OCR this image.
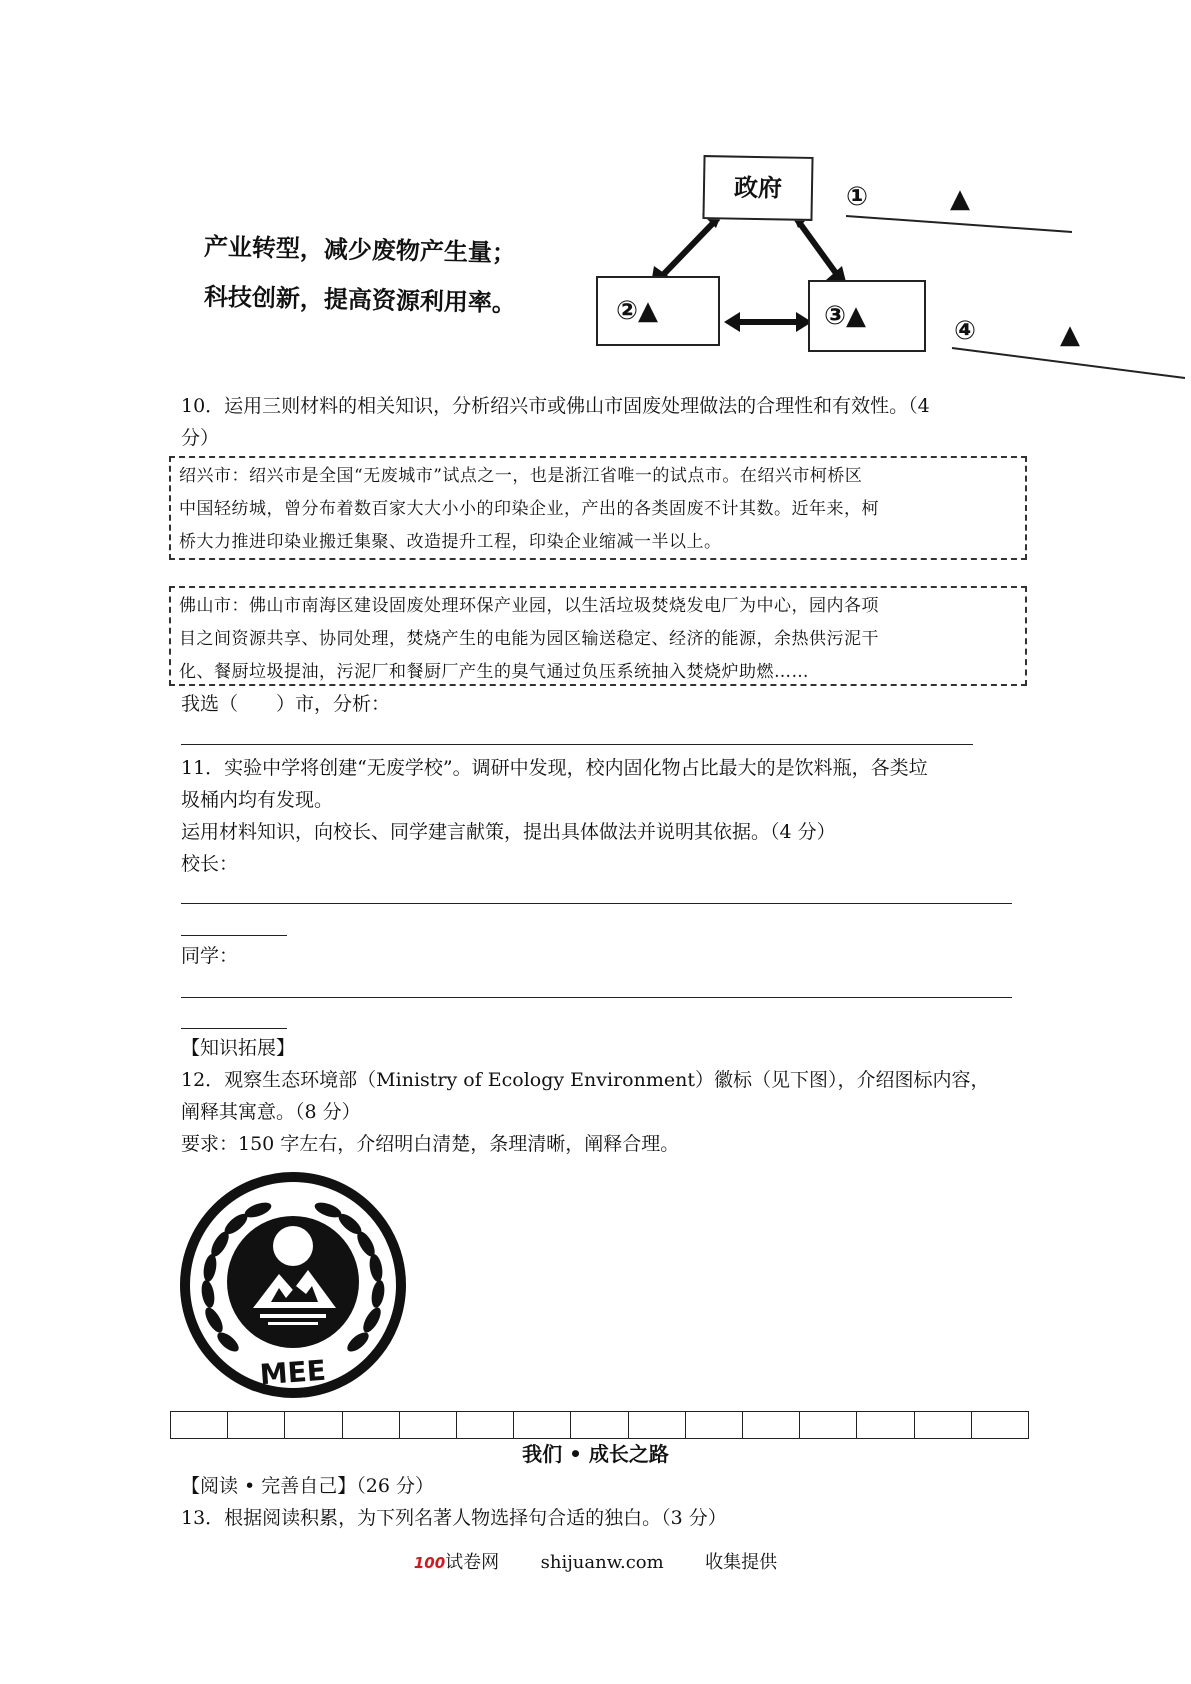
政府
②▲	③▲
①	▲
④	▲
产业转型，减少废物产生量；
科技创新，提高资源利用率。
10．运用三则材料的相关知识，分析绍兴市或佛山市固废处理做法的合理性和有效性。（4
分）
绍兴市：绍兴市是全国“无废城市”试点之一，也是浙江省唯一的试点市。在绍兴市柯桥区
中国轻纺城，曾分布着数百家大大小小的印染企业，产出的各类固废不计其数。近年来，柯
桥大力推进印染业搬迁集聚、改造提升工程，印染企业缩减一半以上。
佛山市：佛山市南海区建设固废处理环保产业园，以生活垃圾焚烧发电厂为中心，园内各项
目之间资源共享、协同处理，焚烧产生的电能为园区输送稳定、经济的能源，余热供污泥干
化、餐厨垃圾提油，污泥厂和餐厨厂产生的臭气通过负压系统抽入焚烧炉助燃……
我选（　　）市，分析：
11．实验中学将创建“无废学校”。调研中发现，校内固化物占比最大的是饮料瓶，各类垃
圾桶内均有发现。
运用材料知识，向校长、同学建言献策，提出具体做法并说明其依据。（4 分）
校长：
同学：
【知识拓展】
12．观察生态环境部（Ministry of Ecology Environment）徽标（见下图），介绍图标内容，
阐释其寓意。（8 分）
要求：150 字左右，介绍明白清楚，条理清晰，阐释合理。
MEE
我们 • 成长之路
【阅读 • 完善自己】（26 分）
13．根据阅读积累，为下列名著人物选择句合适的独白。（3 分）
100试卷网 shijuanw.com 收集提供
